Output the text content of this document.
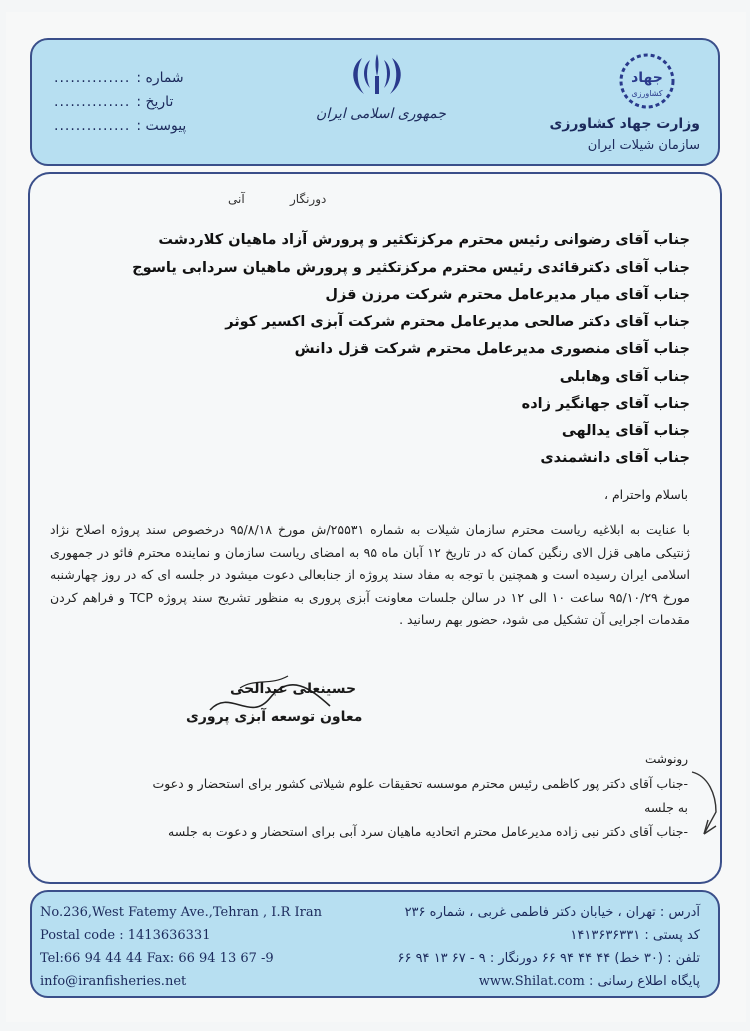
شماره :
..............
تاریخ :
..............
پیوست :
..............
جمهوری اسلامی ایران
جهاد
کشاورزی
وزارت جهاد کشاورزی
سازمان شیلات ایران
دورنگار
آنی
جناب آقای رضوانی رئیس محترم مرکزتکثیر و پرورش آزاد ماهیان کلاردشت
جناب آقای دکترقائدی رئیس محترم مرکزتکثیر و پرورش ماهیان سردابی یاسوج
جناب آقای میار مدیرعامل محترم شرکت مرزن قزل
جناب آقای دکتر صالحی مدیرعامل محترم شرکت آبزی اکسیر کوثر
جناب آقای منصوری مدیرعامل محترم شرکت قزل دانش
جناب آقای وهابلی
جناب آقای جهانگیر زاده
جناب آقای یدالهی
جناب آقای دانشمندی
باسلام واحترام ،
با عنایت به ابلاغیه ریاست محترم سازمان شیلات به شماره ۲۵۵۳۱/ش مورخ ۹۵/۸/۱۸ درخصوص سند پروژه اصلاح نژاد ژنتیکی ماهی قزل الای رنگین کمان که در تاریخ ۱۲ آبان ماه ۹۵ به امضای ریاست سازمان و نماینده محترم فائو در جمهوری اسلامی ایران رسیده است و همچنین با توجه به مفاد سند پروژه از جنابعالی دعوت میشود در جلسه ای که در روز چهارشنبه مورخ ۹۵/۱۰/۲۹ ساعت ۱۰ الی ۱۲ در سالن جلسات معاونت آبزی پروری به منظور تشریح سند پروژه TCP و فراهم کردن مقدمات اجرایی آن تشکیل می شود، حضور بهم رسانید .
حسینعلی عبدالحی
معاون توسعه آبزی پروری
رونوشت
-جناب آقای دکتر پور کاظمی رئیس محترم موسسه تحقیقات علوم شیلاتی کشور برای استحضار و دعوت
به جلسه
-جناب آقای دکتر نبی زاده مدیرعامل محترم اتحادیه ماهیان سرد آبی برای استحضار و دعوت به جلسه
No.236,West Fatemy Ave.,Tehran , I.R Iran
Postal code : 1413636331
Tel:66 94 44 44 Fax: 66 94 13 67 -9
info@iranfisheries.net
آدرس : تهران ، خیابان دکتر فاطمی غربی ، شماره ۲۳۶
کد پستی : ۱۴۱۳۶۳۶۳۳۱
تلفن : (۳۰ خط) ۴۴ ۴۴ ۹۴ ۶۶ دورنگار : ۹ - ۶۷ ۱۳ ۹۴ ۶۶
پایگاه اطلاع رسانی : www.Shilat.com
